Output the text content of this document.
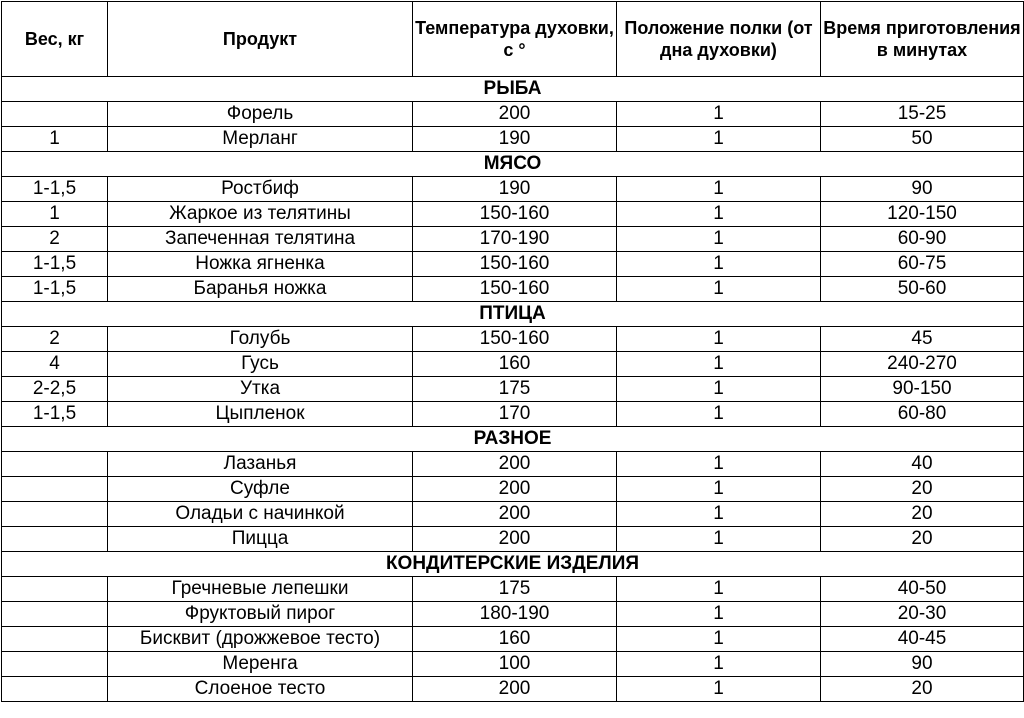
Вес, кг	Продукт	Температура духовки, с °	Положение полки (от дна духовки)	Время приготовления в минутах
РЫБА				
	Форель	200	1	15-25
1	Мерланг	190	1	50
МЯСО				
1-1,5	Ростбиф	190	1	90
1	Жаркое из телятины	150-160	1	120-150
2	Запеченная телятина	170-190	1	60-90
1-1,5	Ножка ягненка	150-160	1	60-75
1-1,5	Баранья ножка	150-160	1	50-60
ПТИЦА				
2	Голубь	150-160	1	45
4	Гусь	160	1	240-270
2-2,5	Утка	175	1	90-150
1-1,5	Цыпленок	170	1	60-80
РАЗНОЕ				
	Лазанья	200	1	40
	Суфле	200	1	20
	Оладьи с начинкой	200	1	20
	Пицца	200	1	20
КОНДИТЕРСКИЕ ИЗДЕЛИЯ				
	Гречневые лепешки	175	1	40-50
	Фруктовый пирог	180-190	1	20-30
	Бисквит (дрожжевое тесто)	160	1	40-45
	Меренга	100	1	90
	Слоеное тесто	200	1	20
